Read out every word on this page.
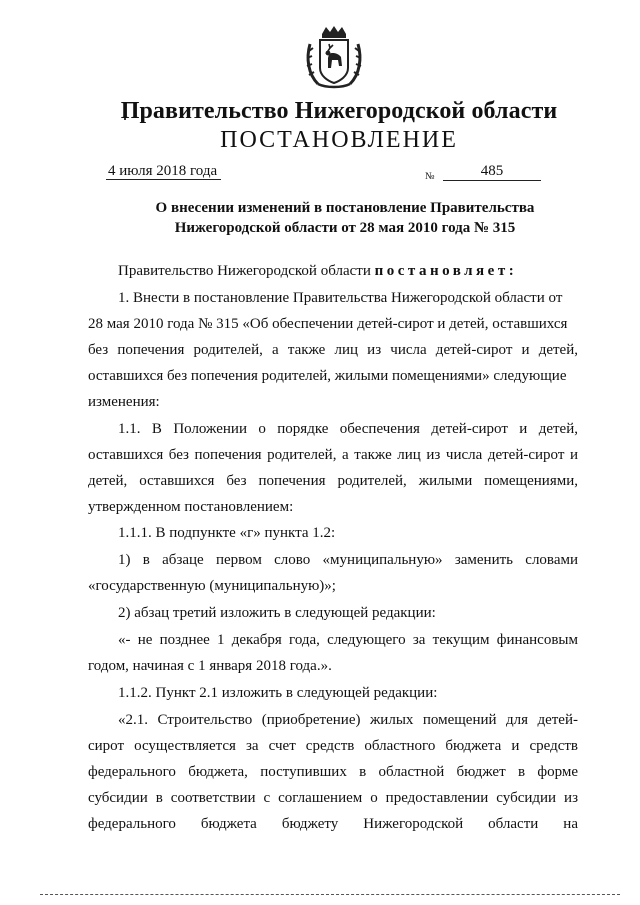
Правительство Нижегородской области
ПОСТАНОВЛЕНИЕ
4 июля 2018 года	№	485
О внесении изменений в постановление Правительства
Нижегородской области от 28 мая 2010 года № 315
Правительство Нижегородской области постановляет:
1. Внести в постановление Правительства Нижегородской области от
28 мая 2010 года № 315 «Об обеспечении детей-сирот и детей, оставшихся
без попечения родителей, а также лиц из числа детей-сирот и детей,
оставшихся без попечения родителей, жилыми помещениями» следующие
изменения:
1.1. В Положении о порядке обеспечения детей-сирот и детей,
оставшихся без попечения родителей, а также лиц из числа детей-сирот и
детей, оставшихся без попечения родителей, жилыми помещениями,
утвержденном постановлением:
1.1.1. В подпункте «г» пункта 1.2:
1) в абзаце первом слово «муниципальную» заменить словами
«государственную (муниципальную)»;
2) абзац третий изложить в следующей редакции:
«- не позднее 1 декабря года, следующего за текущим финансовым
годом, начиная с 1 января 2018 года.».
1.1.2. Пункт 2.1 изложить в следующей редакции:
«2.1. Строительство (приобретение) жилых помещений для детей-
сирот осуществляется за счет средств областного бюджета и средств
федерального бюджета, поступивших в областной бюджет в форме
субсидии в соответствии с соглашением о предоставлении субсидии из
федерального бюджета бюджету Нижегородской области на
